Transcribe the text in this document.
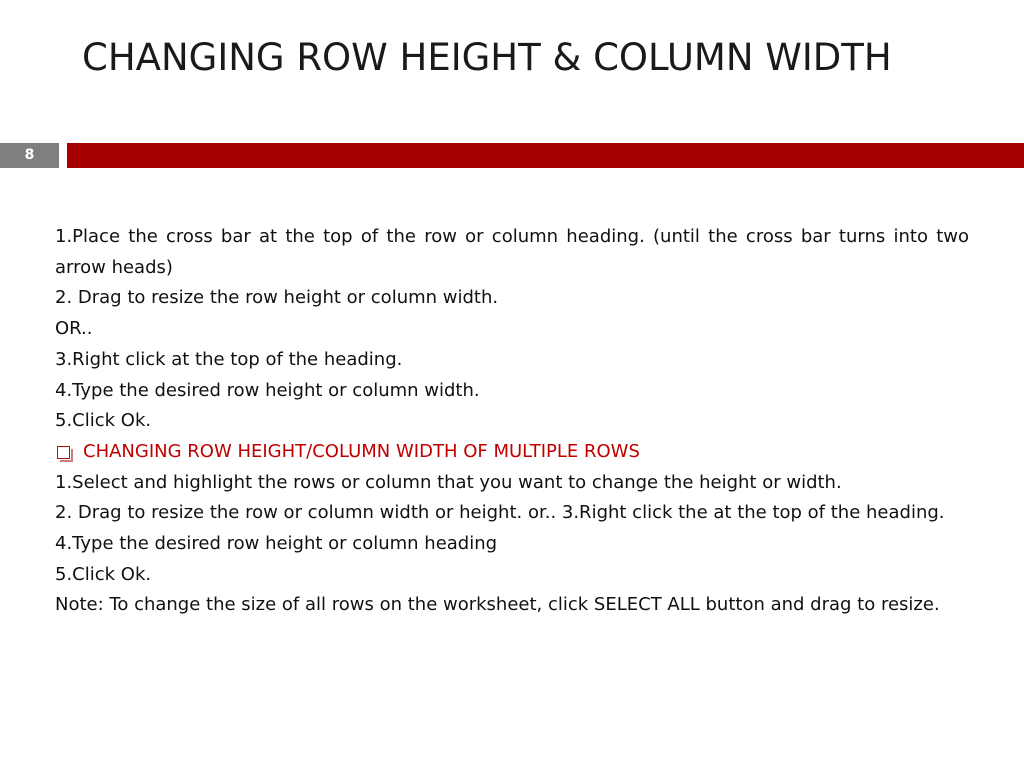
CHANGING ROW HEIGHT & COLUMN WIDTH
8

1.Place the cross bar at the top of the row or column heading. (until the cross bar turns into two arrow heads)

2. Drag to resize the row height or column width.

OR..

3.Right click at the top of the heading.

4.Type the desired row height or column width.

5.Click Ok.

CHANGING ROW HEIGHT/COLUMN WIDTH OF MULTIPLE ROWS

1.Select and highlight the rows or column that you want to change the height or width.

2. Drag to resize the row or column width or height. or.. 3.Right click the at the top of the heading.

4.Type the desired row height or column heading

5.Click Ok.

Note: To change the size of all rows on the worksheet, click SELECT ALL button and drag to resize.
